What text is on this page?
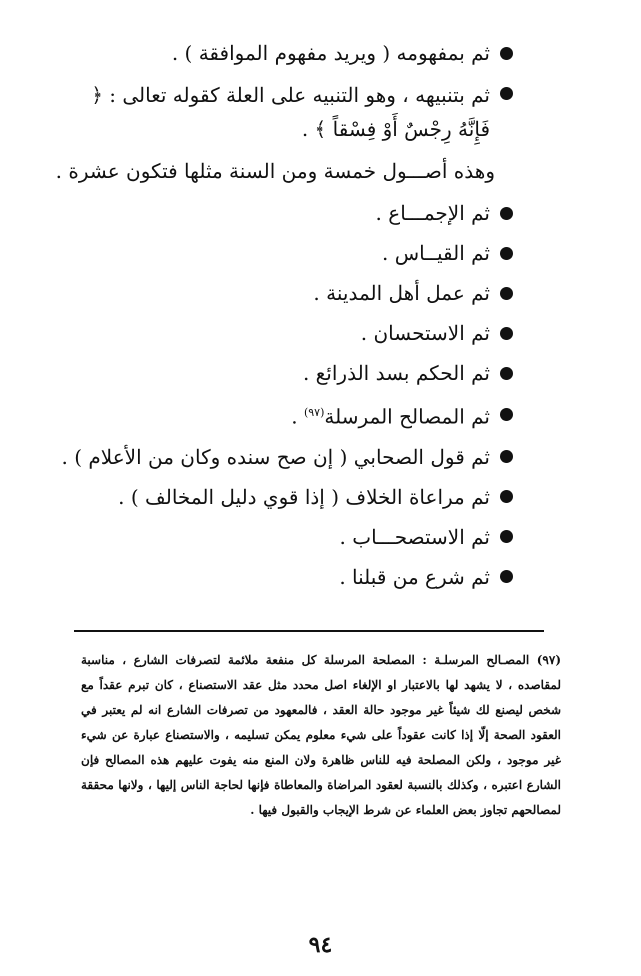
ثم بمفهومه ( ويريد مفهوم الموافقة ) .
ثم بتنبيهه ، وهو التنبيه على العلة كقوله تعالى : ﴿ فَإِنَّهُ رِجْسٌ أَوْ فِسْقاً ﴾ .
وهذه أصـــول خمسة ومن السنة مثلها فتكون عشرة .
ثم الإجمـــاع .
ثم القيــاس .
ثم عمل أهل المدينة .
ثم الاستحسان .
ثم الحكم بسد الذرائع .
ثم المصالح المرسلة$^{(٩٧)}$ .
ثم قول الصحابي ( إن صح سنده وكان من الأعلام ) .
ثم مراعاة الخلاف ( إذا قوي دليل المخالف ) .
ثم الاستصحـــاب .
ثم شرع من قبلنا .
(٩٧) المصـالح المرسلـة : المصلحة المرسلة كل منفعة ملائمة لتصرفات الشارع ، مناسبة لمقاصده ، لا يشهد لها بالاعتبار او الإلغاء اصل محدد مثل عقد الاستصناع ، كان تبرم عقداً مع شخص ليصنع لك شيئاً غير موجود حالة العقد ، فالمعهود من تصرفات الشارع انه لم يعتبر في العقود الصحة إلّا إذا كانت عقوداً على شيء معلوم يمكن تسليمه ، والاستصناع عبارة عن شيء غير موجود ، ولكن المصلحة فيه للناس ظاهرة ولان المنع منه يفوت عليهم هذه المصالح فإن الشارع اعتبره ، وكذلك بالنسبة لعقود المراضاة والمعاطاة فإنها لحاجة الناس إليها ، ولانها محققة لمصالحهم تجاوز بعض العلماء عن شرط الإيجاب والقبول فيها .
٩٤
